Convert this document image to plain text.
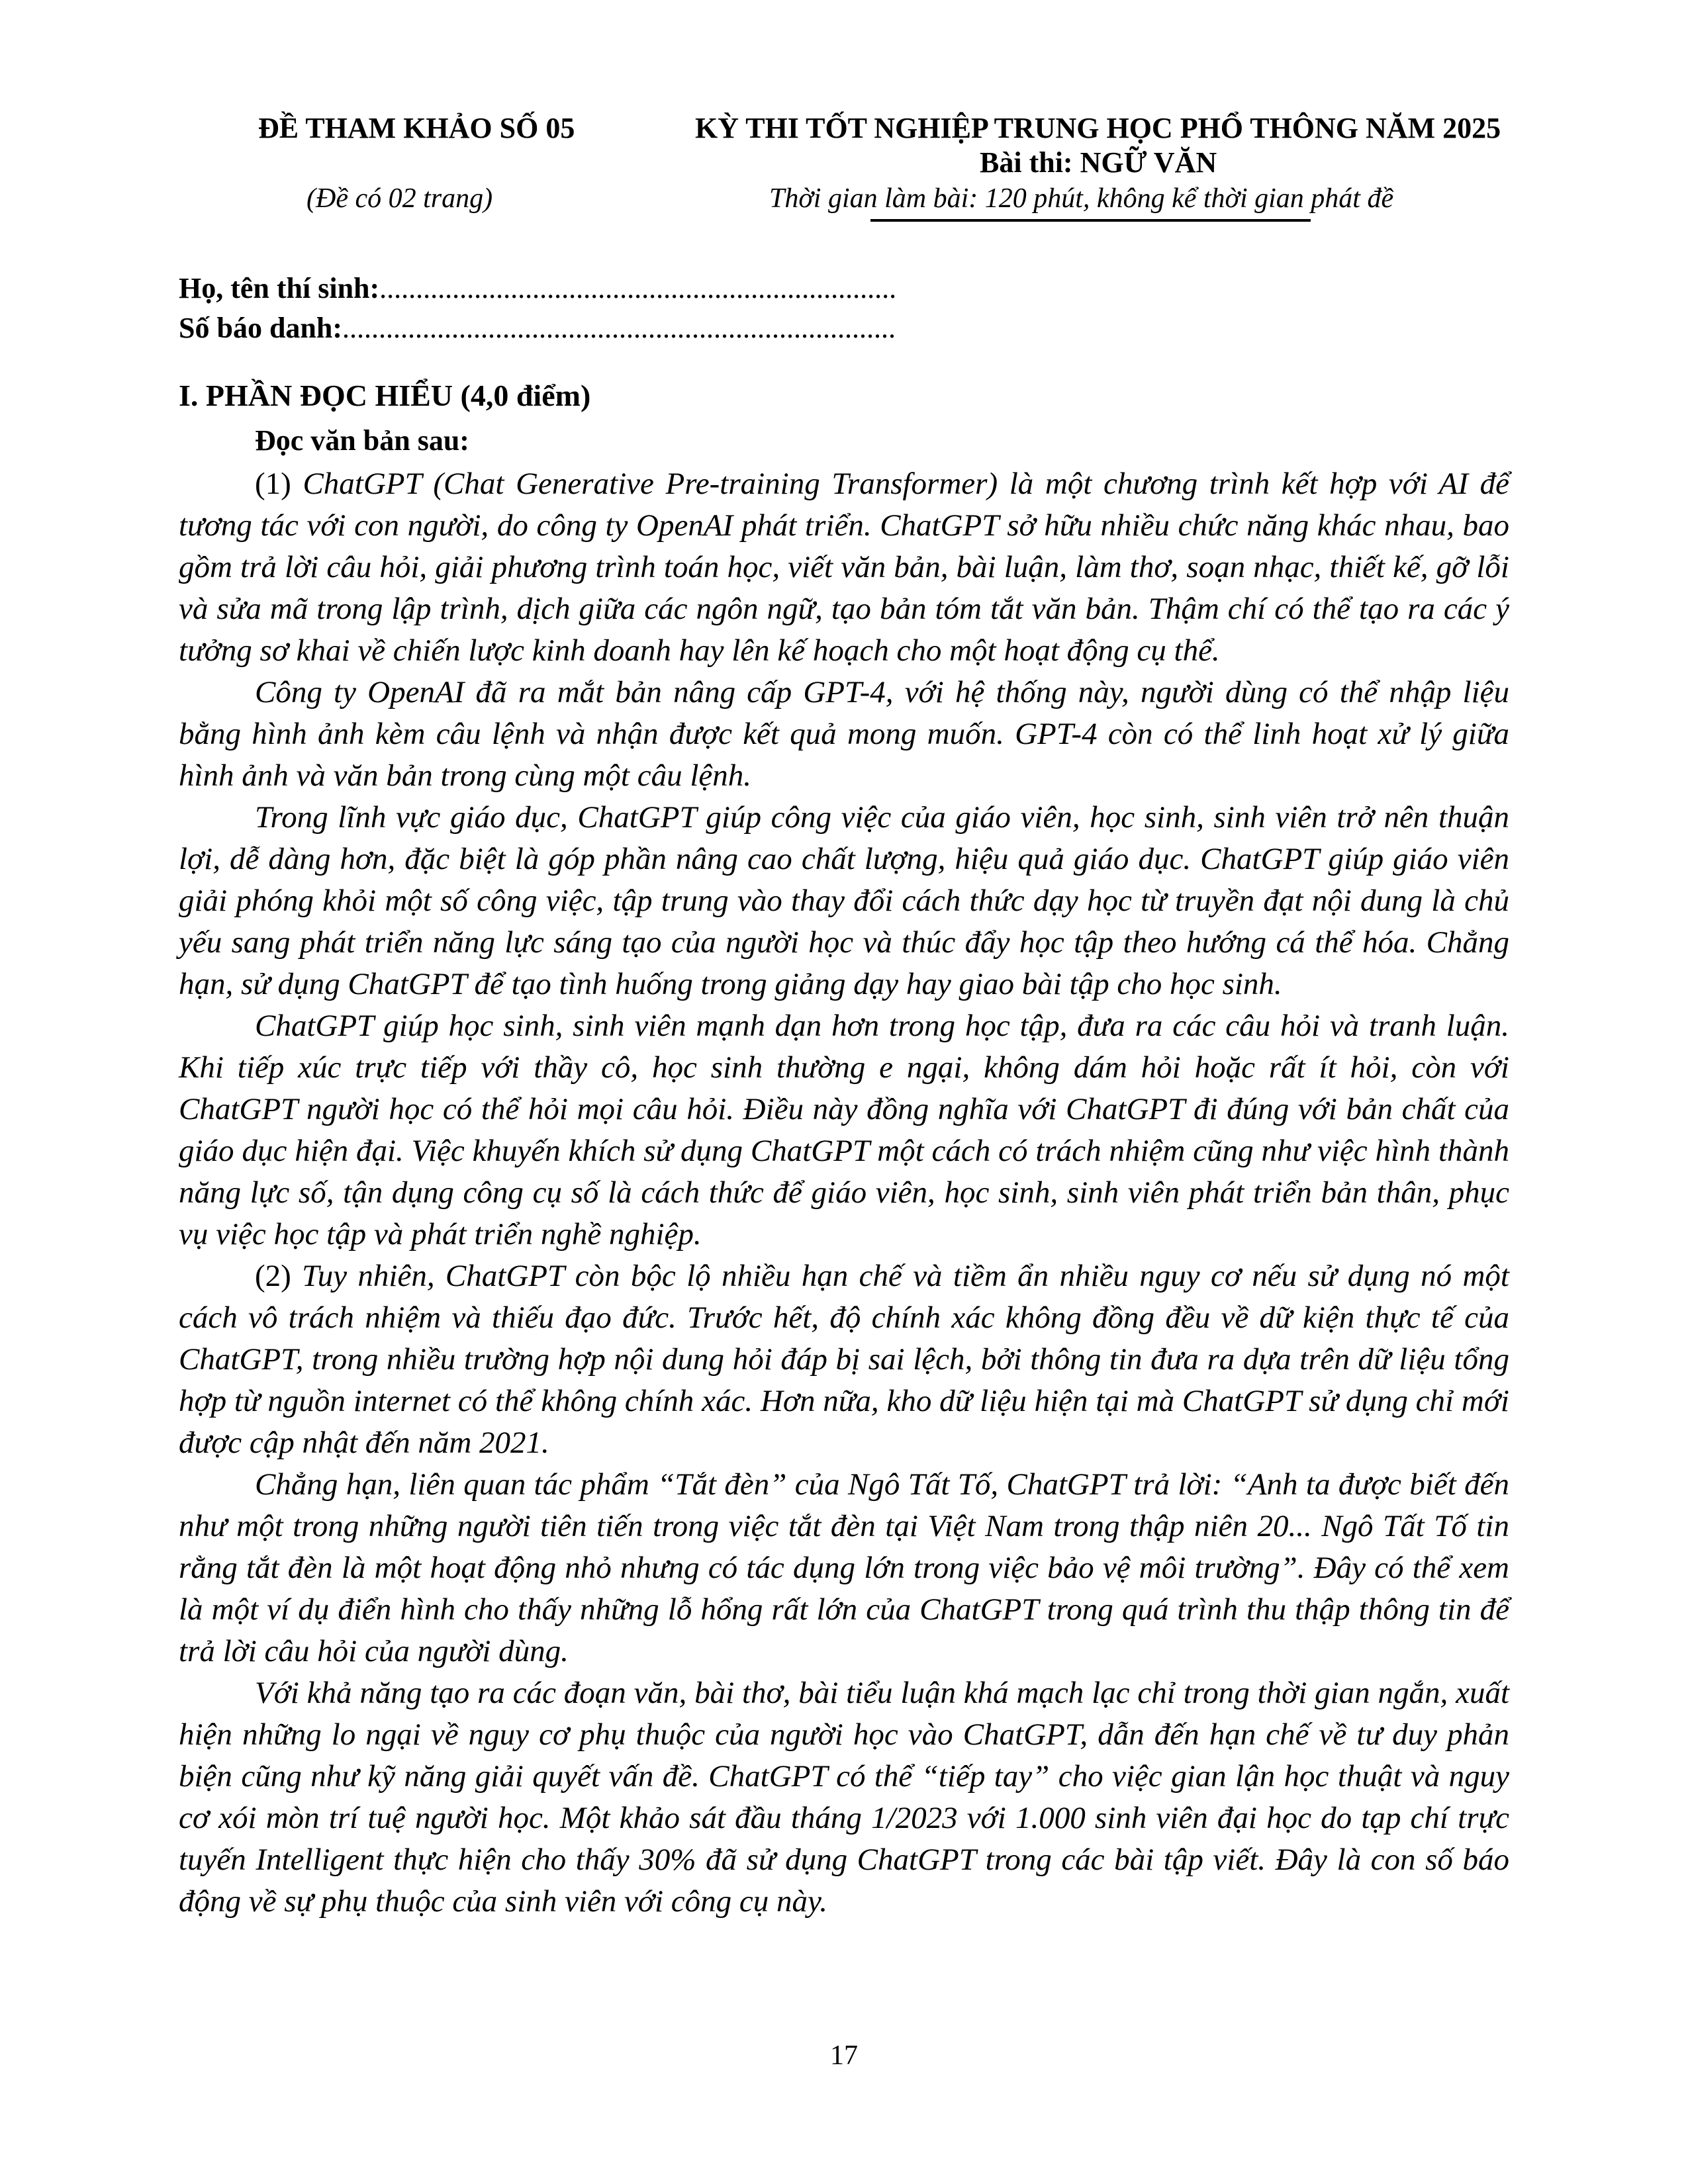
ĐỀ THAM KHẢO SỐ 05
(Đề có 02 trang)
KỲ THI TỐT NGHIỆP TRUNG HỌC PHỔ THÔNG NĂM 2025
Bài thi: NGỮ VĂN
Thời gian làm bài: 120 phút, không kể thời gian phát đề
Họ, tên thí sinh:.......................................................................
Số báo danh:............................................................................
I. PHẦN ĐỌC HIỂU (4,0 điểm)
Đọc văn bản sau:

(1) ChatGPT (Chat Generative Pre-training Transformer) là một chương trình kết hợp với AI để tương tác với con người, do công ty OpenAI phát triển. ChatGPT sở hữu nhiều chức năng khác nhau, bao gồm trả lời câu hỏi, giải phương trình toán học, viết văn bản, bài luận, làm thơ, soạn nhạc, thiết kế, gỡ lỗi và sửa mã trong lập trình, dịch giữa các ngôn ngữ, tạo bản tóm tắt văn bản. Thậm chí có thể tạo ra các ý tưởng sơ khai về chiến lược kinh doanh hay lên kế hoạch cho một hoạt động cụ thể.

Công ty OpenAI đã ra mắt bản nâng cấp GPT-4, với hệ thống này, người dùng có thể nhập liệu bằng hình ảnh kèm câu lệnh và nhận được kết quả mong muốn. GPT-4 còn có thể linh hoạt xử lý giữa hình ảnh và văn bản trong cùng một câu lệnh.

Trong lĩnh vực giáo dục, ChatGPT giúp công việc của giáo viên, học sinh, sinh viên trở nên thuận lợi, dễ dàng hơn, đặc biệt là góp phần nâng cao chất lượng, hiệu quả giáo dục. ChatGPT giúp giáo viên giải phóng khỏi một số công việc, tập trung vào thay đổi cách thức dạy học từ truyền đạt nội dung là chủ yếu sang phát triển năng lực sáng tạo của người học và thúc đẩy học tập theo hướng cá thể hóa. Chẳng hạn, sử dụng ChatGPT để tạo tình huống trong giảng dạy hay giao bài tập cho học sinh.

ChatGPT giúp học sinh, sinh viên mạnh dạn hơn trong học tập, đưa ra các câu hỏi và tranh luận. Khi tiếp xúc trực tiếp với thầy cô, học sinh thường e ngại, không dám hỏi hoặc rất ít hỏi, còn với ChatGPT người học có thể hỏi mọi câu hỏi. Điều này đồng nghĩa với ChatGPT đi đúng với bản chất của giáo dục hiện đại. Việc khuyến khích sử dụng ChatGPT một cách có trách nhiệm cũng như việc hình thành năng lực số, tận dụng công cụ số là cách thức để giáo viên, học sinh, sinh viên phát triển bản thân, phục vụ việc học tập và phát triển nghề nghiệp.

(2) Tuy nhiên, ChatGPT còn bộc lộ nhiều hạn chế và tiềm ẩn nhiều nguy cơ nếu sử dụng nó một cách vô trách nhiệm và thiếu đạo đức. Trước hết, độ chính xác không đồng đều về dữ kiện thực tế của ChatGPT, trong nhiều trường hợp nội dung hỏi đáp bị sai lệch, bởi thông tin đưa ra dựa trên dữ liệu tổng hợp từ nguồn internet có thể không chính xác. Hơn nữa, kho dữ liệu hiện tại mà ChatGPT sử dụng chỉ mới được cập nhật đến năm 2021.

Chẳng hạn, liên quan tác phẩm “Tắt đèn” của Ngô Tất Tố, ChatGPT trả lời: “Anh ta được biết đến như một trong những người tiên tiến trong việc tắt đèn tại Việt Nam trong thập niên 20... Ngô Tất Tố tin rằng tắt đèn là một hoạt động nhỏ nhưng có tác dụng lớn trong việc bảo vệ môi trường”. Đây có thể xem là một ví dụ điển hình cho thấy những lỗ hổng rất lớn của ChatGPT trong quá trình thu thập thông tin để trả lời câu hỏi của người dùng.

Với khả năng tạo ra các đoạn văn, bài thơ, bài tiểu luận khá mạch lạc chỉ trong thời gian ngắn, xuất hiện những lo ngại về nguy cơ phụ thuộc của người học vào ChatGPT, dẫn đến hạn chế về tư duy phản biện cũng như kỹ năng giải quyết vấn đề. ChatGPT có thể “tiếp tay” cho việc gian lận học thuật và nguy cơ xói mòn trí tuệ người học. Một khảo sát đầu tháng 1/2023 với 1.000 sinh viên đại học do tạp chí trực tuyến Intelligent thực hiện cho thấy 30% đã sử dụng ChatGPT trong các bài tập viết. Đây là con số báo động về sự phụ thuộc của sinh viên với công cụ này.

17
